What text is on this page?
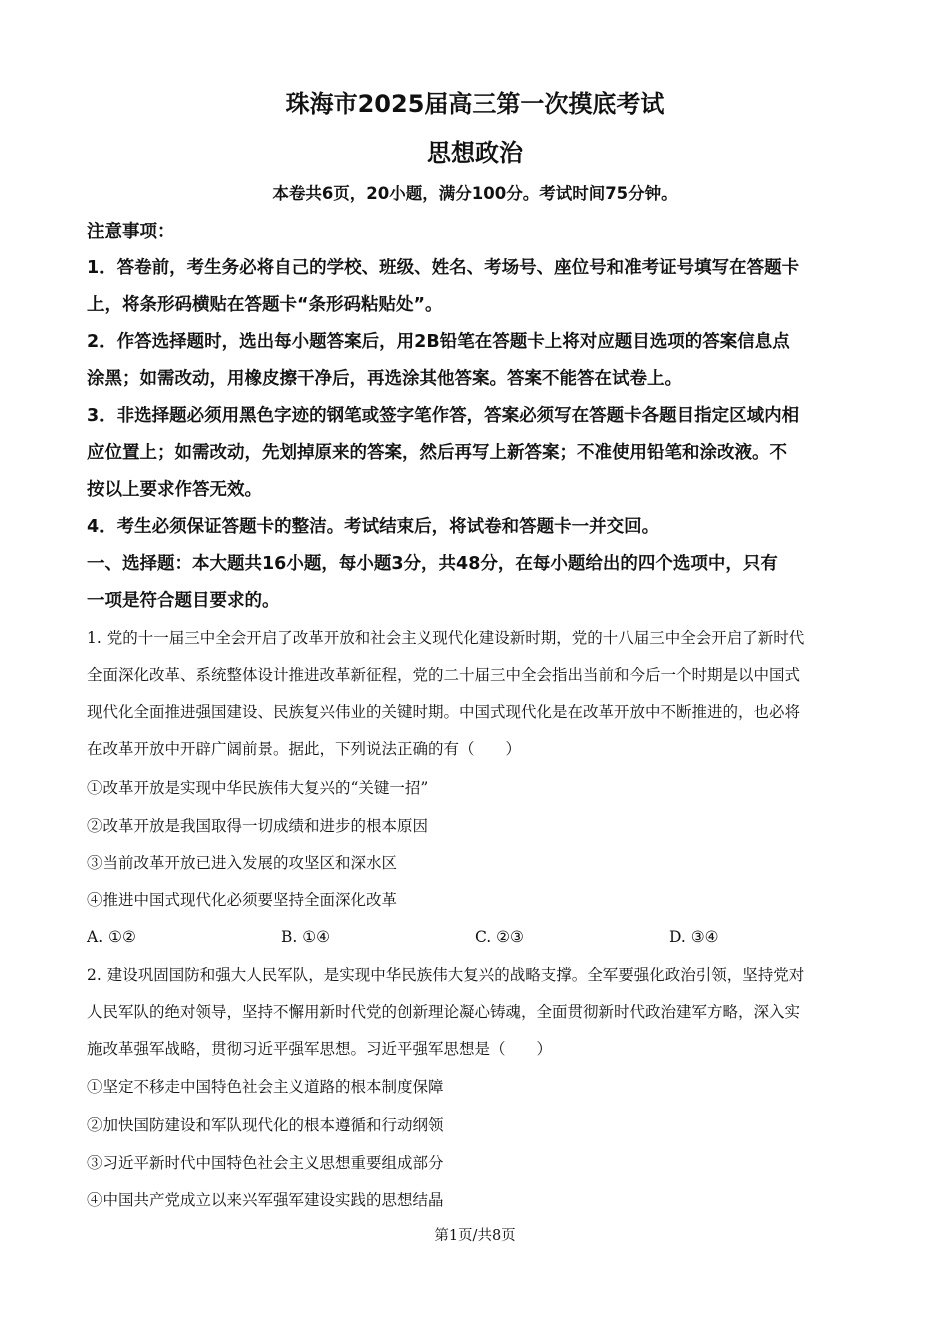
珠海市2025届高三第一次摸底考试
思想政治
本卷共6页，20小题，满分100分。考试时间75分钟。
注意事项：
1．答卷前，考生务必将自己的学校、班级、姓名、考场号、座位号和准考证号填写在答题卡
上，将条形码横贴在答题卡“条形码粘贴处”。
2．作答选择题时，选出每小题答案后，用2B铅笔在答题卡上将对应题目选项的答案信息点
涂黑；如需改动，用橡皮擦干净后，再选涂其他答案。答案不能答在试卷上。
3．非选择题必须用黑色字迹的钢笔或签字笔作答，答案必须写在答题卡各题目指定区域内相
应位置上；如需改动，先划掉原来的答案，然后再写上新答案；不准使用铅笔和涂改液。不
按以上要求作答无效。
4．考生必须保证答题卡的整洁。考试结束后，将试卷和答题卡一并交回。
一、选择题：本大题共16小题，每小题3分，共48分，在每小题给出的四个选项中，只有
一项是符合题目要求的。
1. 党的十一届三中全会开启了改革开放和社会主义现代化建设新时期，党的十八届三中全会开启了新时代
全面深化改革、系统整体设计推进改革新征程，党的二十届三中全会指出当前和今后一个时期是以中国式
现代化全面推进强国建设、民族复兴伟业的关键时期。中国式现代化是在改革开放中不断推进的，也必将
在改革开放中开辟广阔前景。据此，下列说法正确的有（　　）
①改革开放是实现中华民族伟大复兴的“关键一招”
②改革开放是我国取得一切成绩和进步的根本原因
③当前改革开放已进入发展的攻坚区和深水区
④推进中国式现代化必须要坚持全面深化改革
A. ①②	B. ①④	C. ②③	D. ③④
2. 建设巩固国防和强大人民军队，是实现中华民族伟大复兴的战略支撑。全军要强化政治引领，坚持党对
人民军队的绝对领导，坚持不懈用新时代党的创新理论凝心铸魂，全面贯彻新时代政治建军方略，深入实
施改革强军战略，贯彻习近平强军思想。习近平强军思想是（　　）
①坚定不移走中国特色社会主义道路的根本制度保障
②加快国防建设和军队现代化的根本遵循和行动纲领
③习近平新时代中国特色社会主义思想重要组成部分
④中国共产党成立以来兴军强军建设实践的思想结晶
第1页/共8页
